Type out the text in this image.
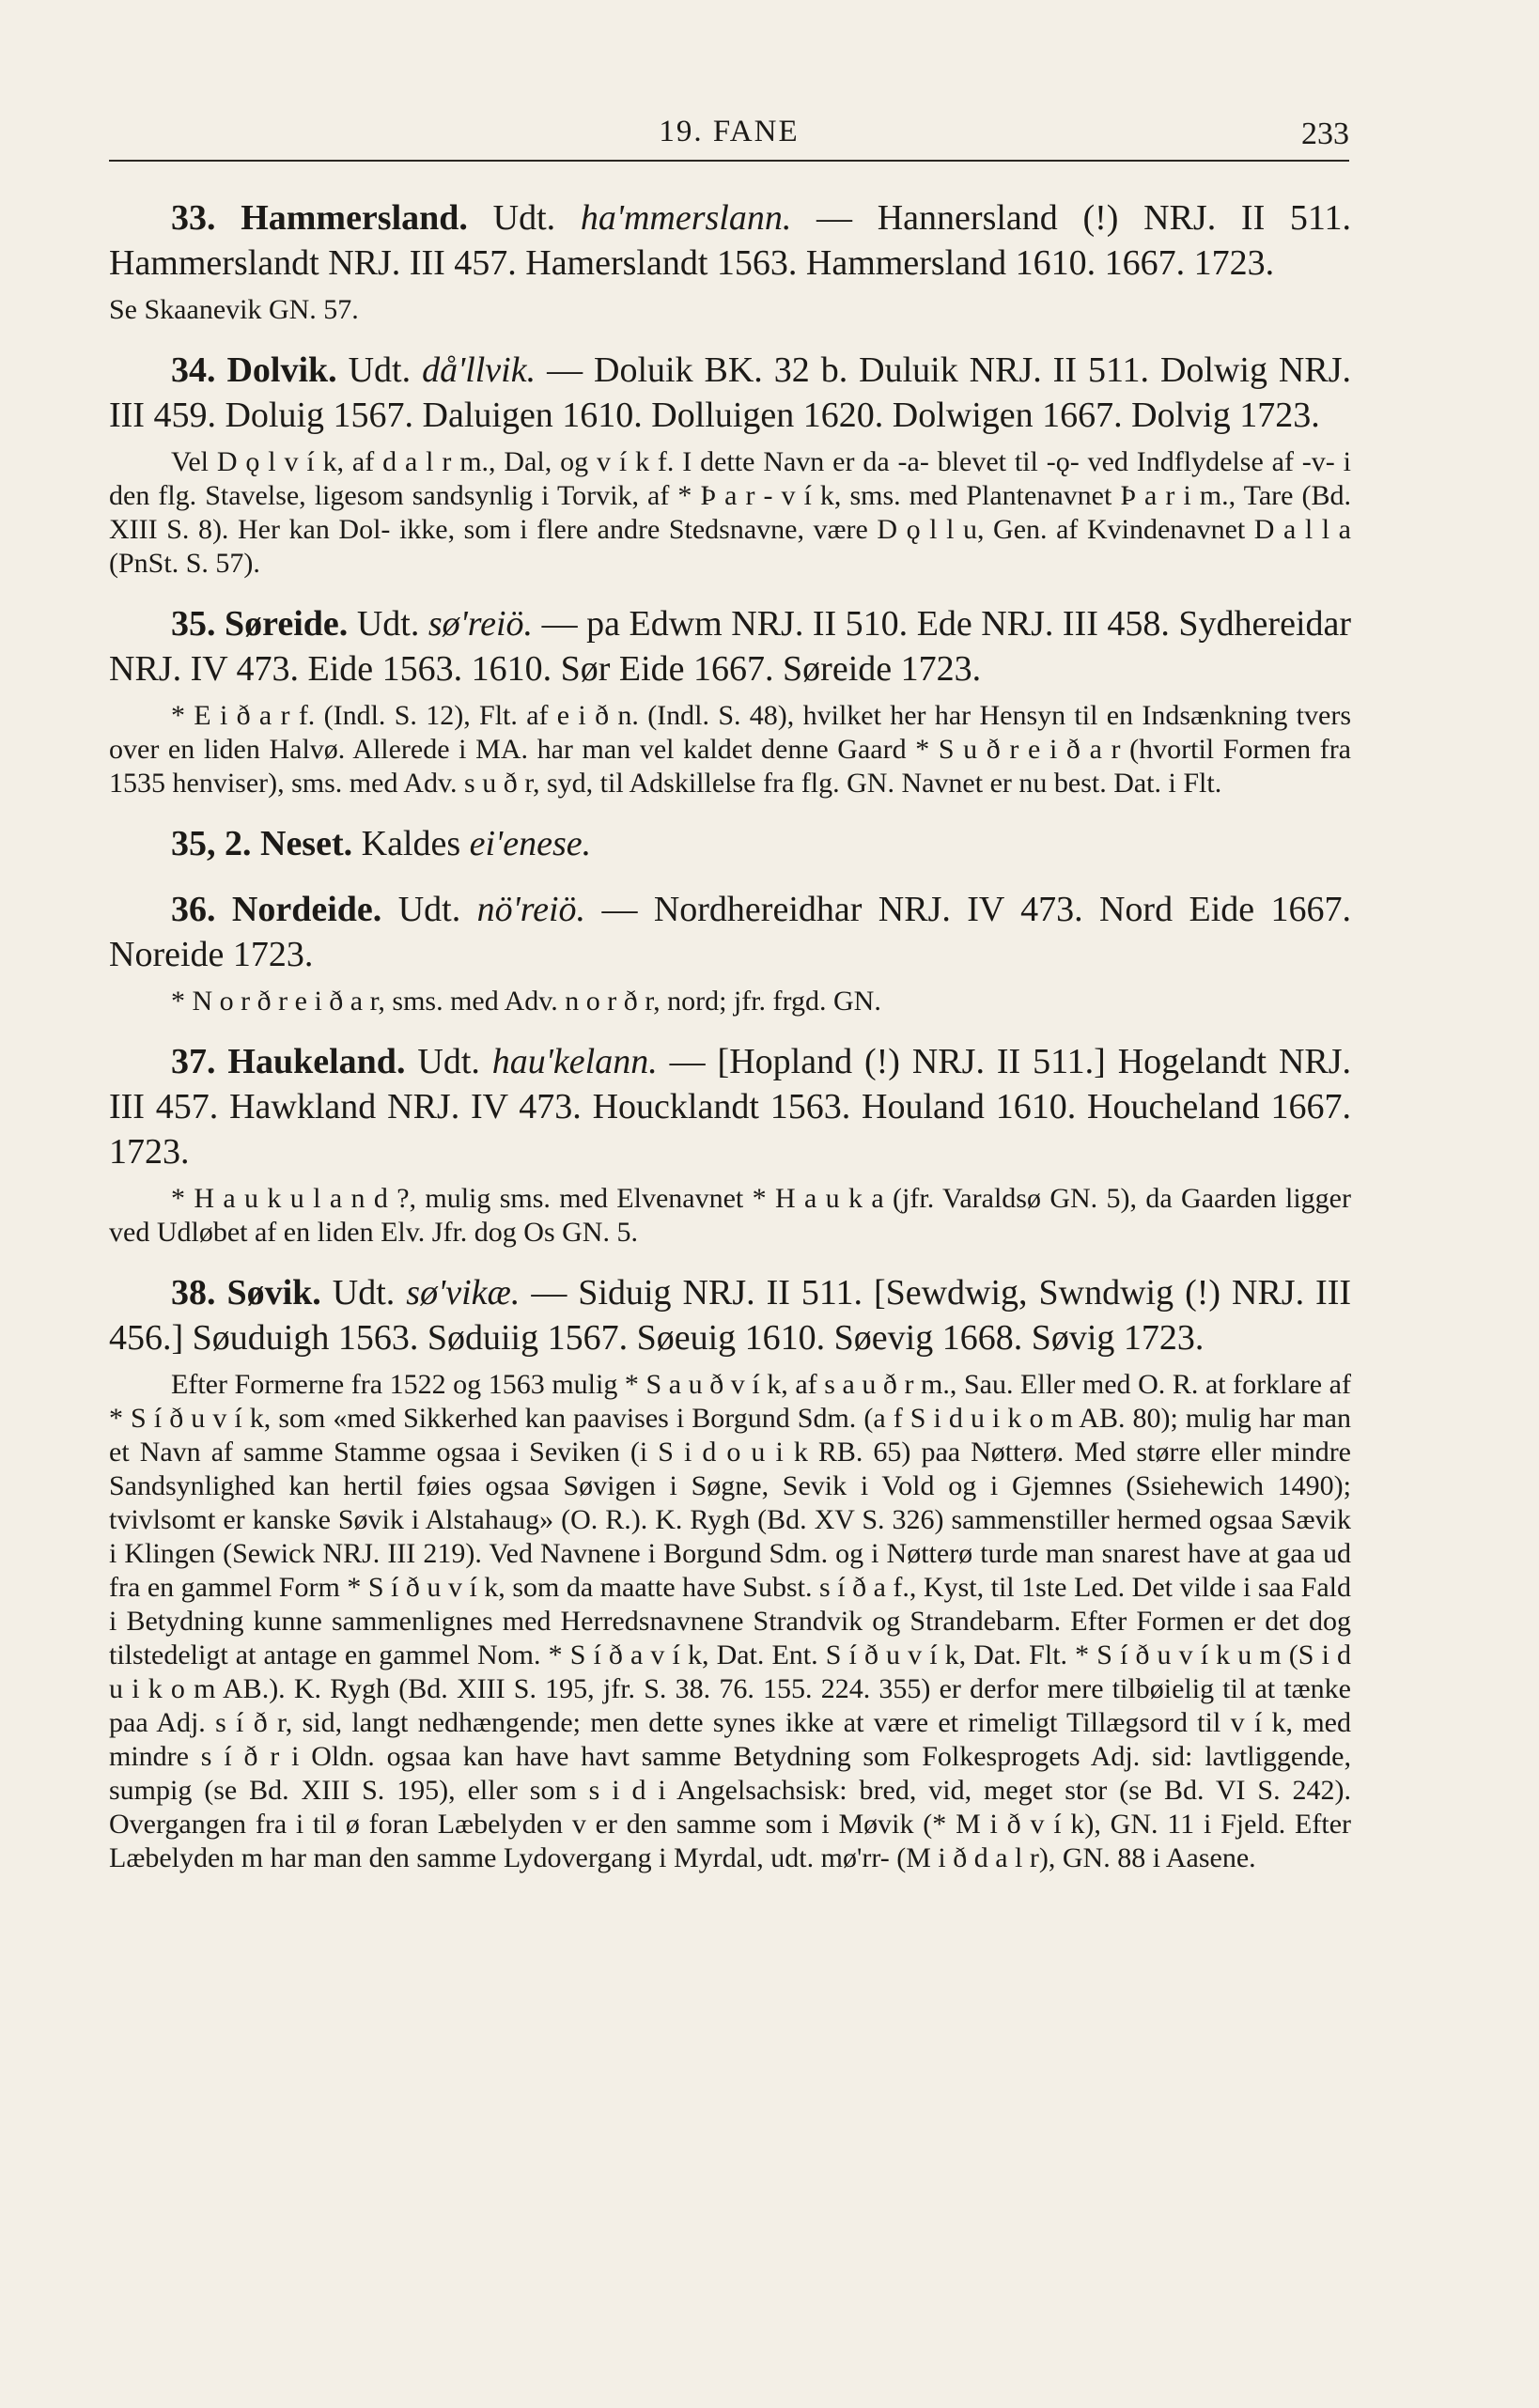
19. FANE	233

33. Hammersland. Udt. ha'mmerslann. — Hannersland (!) NRJ. II 511. Hammerslandt NRJ. III 457. Hamerslandt 1563. Hammersland 1610. 1667. 1723.

Se Skaanevik GN. 57.

34. Dolvik. Udt. då'llvik. — Doluik BK. 32 b. Duluik NRJ. II 511. Dolwig NRJ. III 459. Doluig 1567. Daluigen 1610. Dolluigen 1620. Dolwigen 1667. Dolvig 1723.

Vel D ǫ l v í k, af d a l r m., Dal, og v í k f. I dette Navn er da -a- blevet til -ǫ- ved Indflydelse af -v- i den flg. Stavelse, ligesom sandsynlig i Torvik, af * Þ a r - v í k, sms. med Plantenavnet Þ a r i m., Tare (Bd. XIII S. 8). Her kan Dol- ikke, som i flere andre Stedsnavne, være D ǫ l l u, Gen. af Kvindenavnet D a l l a (PnSt. S. 57).

35. Søreide. Udt. sø'reiö. — pa Edwm NRJ. II 510. Ede NRJ. III 458. Sydhereidar NRJ. IV 473. Eide 1563. 1610. Sør Eide 1667. Søreide 1723.

* E i ð a r f. (Indl. S. 12), Flt. af e i ð n. (Indl. S. 48), hvilket her har Hensyn til en Indsænkning tvers over en liden Halvø. Allerede i MA. har man vel kaldet denne Gaard * S u ð r e i ð a r (hvortil Formen fra 1535 henviser), sms. med Adv. s u ð r, syd, til Adskillelse fra flg. GN. Navnet er nu best. Dat. i Flt.

35, 2. Neset. Kaldes ei'enese.

36. Nordeide. Udt. nö'reiö. — Nordhereidhar NRJ. IV 473. Nord Eide 1667. Noreide 1723.

* N o r ð r e i ð a r, sms. med Adv. n o r ð r, nord; jfr. frgd. GN.

37. Haukeland. Udt. hau'kelann. — [Hopland (!) NRJ. II 511.] Hogelandt NRJ. III 457. Hawkland NRJ. IV 473. Houcklandt 1563. Houland 1610. Houcheland 1667. 1723.

* H a u k u l a n d ?, mulig sms. med Elvenavnet * H a u k a (jfr. Varaldsø GN. 5), da Gaarden ligger ved Udløbet af en liden Elv. Jfr. dog Os GN. 5.

38. Søvik. Udt. sø'vikæ. — Siduig NRJ. II 511. [Sewdwig, Swndwig (!) NRJ. III 456.] Søuduigh 1563. Søduiig 1567. Søeuig 1610. Søevig 1668. Søvig 1723.

Efter Formerne fra 1522 og 1563 mulig * S a u ð v í k, af s a u ð r m., Sau. Eller med O. R. at forklare af * S í ð u v í k, som «med Sikkerhed kan paavises i Borgund Sdm. (a f S i d u i k o m AB. 80); mulig har man et Navn af samme Stamme ogsaa i Seviken (i S i d o u i k RB. 65) paa Nøtterø. Med større eller mindre Sandsynlighed kan hertil føies ogsaa Søvigen i Søgne, Sevik i Vold og i Gjemnes (Ssiehewich 1490); tvivlsomt er kanske Søvik i Alstahaug» (O. R.). K. Rygh (Bd. XV S. 326) sammenstiller hermed ogsaa Sævik i Klingen (Sewick NRJ. III 219). Ved Navnene i Borgund Sdm. og i Nøtterø turde man snarest have at gaa ud fra en gammel Form * S í ð u v í k, som da maatte have Subst. s í ð a f., Kyst, til 1ste Led. Det vilde i saa Fald i Betydning kunne sammenlignes med Herredsnavnene Strandvik og Strandebarm. Efter Formen er det dog tilstedeligt at antage en gammel Nom. * S í ð a v í k, Dat. Ent. S í ð u v í k, Dat. Flt. * S í ð u v í k u m (S i d u i k o m AB.). K. Rygh (Bd. XIII S. 195, jfr. S. 38. 76. 155. 224. 355) er derfor mere tilbøielig til at tænke paa Adj. s í ð r, sid, langt nedhængende; men dette synes ikke at være et rimeligt Tillægsord til v í k, med mindre s í ð r i Oldn. ogsaa kan have havt samme Betydning som Folkesprogets Adj. sid: lavtliggende, sumpig (se Bd. XIII S. 195), eller som s i d i Angelsachsisk: bred, vid, meget stor (se Bd. VI S. 242). Overgangen fra i til ø foran Læbelyden v er den samme som i Møvik (* M i ð v í k), GN. 11 i Fjeld. Efter Læbelyden m har man den samme Lydovergang i Myrdal, udt. mø'rr- (M i ð d a l r), GN. 88 i Aasene.
